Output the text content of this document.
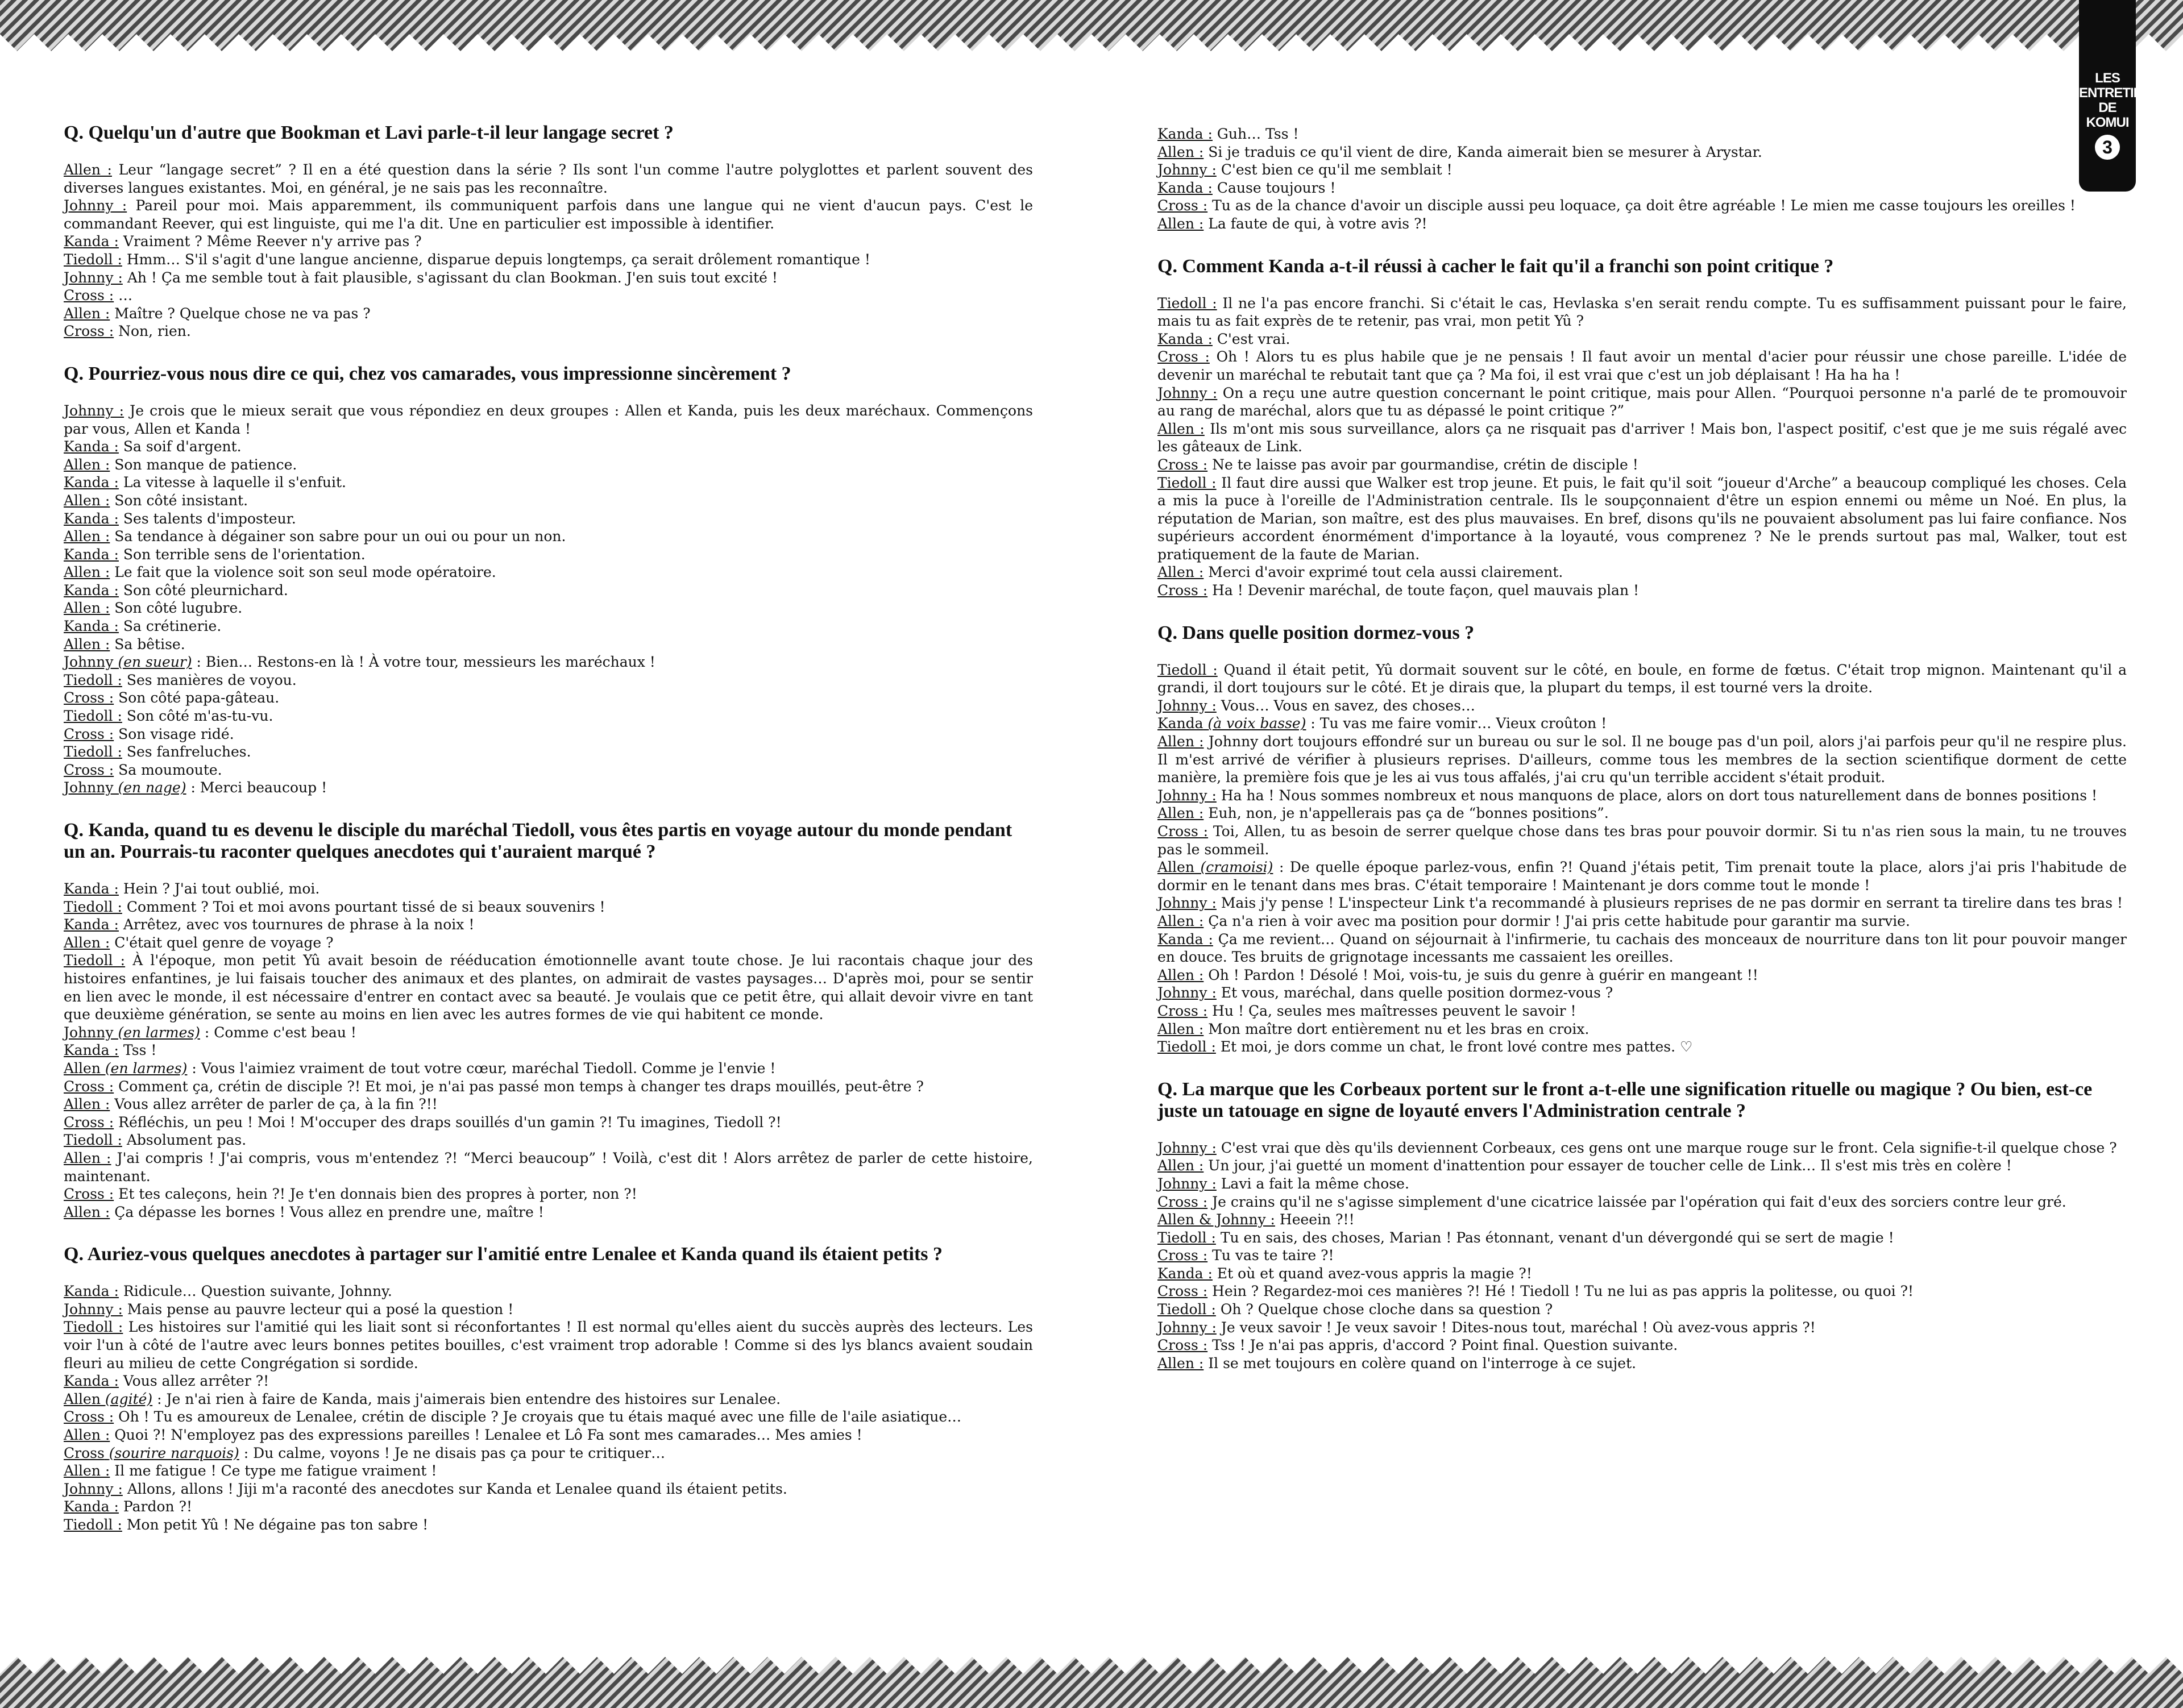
LES
ENTRETIENS
DE
KOMUI
3
Q. Quelqu'un d'autre que Bookman et Lavi parle-t-il leur langage secret ?
Allen : Leur “langage secret” ? Il en a été question dans la série ? Ils sont l'un comme l'autre polyglottes et parlent souvent des diverses langues existantes. Moi, en général, je ne sais pas les reconnaître.
Johnny : Pareil pour moi. Mais apparemment, ils communiquent parfois dans une langue qui ne vient d'aucun pays. C'est le commandant Reever, qui est linguiste, qui me l'a dit. Une en particulier est impossible à identifier.
Kanda : Vraiment ? Même Reever n'y arrive pas ?
Tiedoll : Hmm… S'il s'agit d'une langue ancienne, disparue depuis longtemps, ça serait drôlement romantique !
Johnny : Ah ! Ça me semble tout à fait plausible, s'agissant du clan Bookman. J'en suis tout excité !
Cross : …
Allen : Maître ? Quelque chose ne va pas ?
Cross : Non, rien.
Q. Pourriez-vous nous dire ce qui, chez vos camarades, vous impressionne sincèrement ?
Johnny : Je crois que le mieux serait que vous répondiez en deux groupes : Allen et Kanda, puis les deux maréchaux. Commençons par vous, Allen et Kanda !
Kanda : Sa soif d'argent.
Allen : Son manque de patience.
Kanda : La vitesse à laquelle il s'enfuit.
Allen : Son côté insistant.
Kanda : Ses talents d'imposteur.
Allen : Sa tendance à dégainer son sabre pour un oui ou pour un non.
Kanda : Son terrible sens de l'orientation.
Allen : Le fait que la violence soit son seul mode opératoire.
Kanda : Son côté pleurnichard.
Allen : Son côté lugubre.
Kanda : Sa crétinerie.
Allen : Sa bêtise.
Johnny (en sueur) : Bien… Restons-en là ! À votre tour, messieurs les maréchaux !
Tiedoll : Ses manières de voyou.
Cross : Son côté papa-gâteau.
Tiedoll : Son côté m'as-tu-vu.
Cross : Son visage ridé.
Tiedoll : Ses fanfreluches.
Cross : Sa moumoute.
Johnny (en nage) : Merci beaucoup !
Q. Kanda, quand tu es devenu le disciple du maréchal Tiedoll, vous êtes partis en voyage autour du monde pendant un an. Pourrais-tu raconter quelques anecdotes qui t'auraient marqué ?
Kanda : Hein ? J'ai tout oublié, moi.
Tiedoll : Comment ? Toi et moi avons pourtant tissé de si beaux souvenirs !
Kanda : Arrêtez, avec vos tournures de phrase à la noix !
Allen : C'était quel genre de voyage ?
Tiedoll : À l'époque, mon petit Yû avait besoin de rééducation émotionnelle avant toute chose. Je lui racontais chaque jour des histoires enfantines, je lui faisais toucher des animaux et des plantes, on admirait de vastes paysages… D'après moi, pour se sentir en lien avec le monde, il est nécessaire d'entrer en contact avec sa beauté. Je voulais que ce petit être, qui allait devoir vivre en tant que deuxième génération, se sente au moins en lien avec les autres formes de vie qui habitent ce monde.
Johnny (en larmes) : Comme c'est beau !
Kanda : Tss !
Allen (en larmes) : Vous l'aimiez vraiment de tout votre cœur, maréchal Tiedoll. Comme je l'envie !
Cross : Comment ça, crétin de disciple ?! Et moi, je n'ai pas passé mon temps à changer tes draps mouillés, peut-être ?
Allen : Vous allez arrêter de parler de ça, à la fin ?!!
Cross : Réfléchis, un peu ! Moi ! M'occuper des draps souillés d'un gamin ?! Tu imagines, Tiedoll ?!
Tiedoll : Absolument pas.
Allen : J'ai compris ! J'ai compris, vous m'entendez ?! “Merci beaucoup” ! Voilà, c'est dit ! Alors arrêtez de parler de cette histoire, maintenant.
Cross : Et tes caleçons, hein ?! Je t'en donnais bien des propres à porter, non ?!
Allen : Ça dépasse les bornes ! Vous allez en prendre une, maître !
Q. Auriez-vous quelques anecdotes à partager sur l'amitié entre Lenalee et Kanda quand ils étaient petits ?
Kanda : Ridicule… Question suivante, Johnny.
Johnny : Mais pense au pauvre lecteur qui a posé la question !
Tiedoll : Les histoires sur l'amitié qui les liait sont si réconfortantes ! Il est normal qu'elles aient du succès auprès des lecteurs. Les voir l'un à côté de l'autre avec leurs bonnes petites bouilles, c'est vraiment trop adorable ! Comme si des lys blancs avaient soudain fleuri au milieu de cette Congrégation si sordide.
Kanda : Vous allez arrêter ?!
Allen (agité) : Je n'ai rien à faire de Kanda, mais j'aimerais bien entendre des histoires sur Lenalee.
Cross : Oh ! Tu es amoureux de Lenalee, crétin de disciple ? Je croyais que tu étais maqué avec une fille de l'aile asiatique…
Allen : Quoi ?! N'employez pas des expressions pareilles ! Lenalee et Lô Fa sont mes camarades… Mes amies !
Cross (sourire narquois) : Du calme, voyons ! Je ne disais pas ça pour te critiquer…
Allen : Il me fatigue ! Ce type me fatigue vraiment !
Johnny : Allons, allons ! Jiji m'a raconté des anecdotes sur Kanda et Lenalee quand ils étaient petits.
Kanda : Pardon ?!
Tiedoll : Mon petit Yû ! Ne dégaine pas ton sabre !
Kanda : Guh… Tss !
Allen : Si je traduis ce qu'il vient de dire, Kanda aimerait bien se mesurer à Arystar.
Johnny : C'est bien ce qu'il me semblait !
Kanda : Cause toujours !
Cross : Tu as de la chance d'avoir un disciple aussi peu loquace, ça doit être agréable ! Le mien me casse toujours les oreilles !
Allen : La faute de qui, à votre avis ?!
Q. Comment Kanda a-t-il réussi à cacher le fait qu'il a franchi son point critique ?
Tiedoll : Il ne l'a pas encore franchi. Si c'était le cas, Hevlaska s'en serait rendu compte. Tu es suffisamment puissant pour le faire, mais tu as fait exprès de te retenir, pas vrai, mon petit Yû ?
Kanda : C'est vrai.
Cross : Oh ! Alors tu es plus habile que je ne pensais ! Il faut avoir un mental d'acier pour réussir une chose pareille. L'idée de devenir un maréchal te rebutait tant que ça ? Ma foi, il est vrai que c'est un job déplaisant ! Ha ha ha !
Johnny : On a reçu une autre question concernant le point critique, mais pour Allen. “Pourquoi personne n'a parlé de te promouvoir au rang de maréchal, alors que tu as dépassé le point critique ?”
Allen : Ils m'ont mis sous surveillance, alors ça ne risquait pas d'arriver ! Mais bon, l'aspect positif, c'est que je me suis régalé avec les gâteaux de Link.
Cross : Ne te laisse pas avoir par gourmandise, crétin de disciple !
Tiedoll : Il faut dire aussi que Walker est trop jeune. Et puis, le fait qu'il soit “joueur d'Arche” a beaucoup compliqué les choses. Cela a mis la puce à l'oreille de l'Administration centrale. Ils le soupçonnaient d'être un espion ennemi ou même un Noé. En plus, la réputation de Marian, son maître, est des plus mauvaises. En bref, disons qu'ils ne pouvaient absolument pas lui faire confiance. Nos supérieurs accordent énormément d'importance à la loyauté, vous comprenez ? Ne le prends surtout pas mal, Walker, tout est pratiquement de la faute de Marian.
Allen : Merci d'avoir exprimé tout cela aussi clairement.
Cross : Ha ! Devenir maréchal, de toute façon, quel mauvais plan !
Q. Dans quelle position dormez-vous ?
Tiedoll : Quand il était petit, Yû dormait souvent sur le côté, en boule, en forme de fœtus. C'était trop mignon. Maintenant qu'il a grandi, il dort toujours sur le côté. Et je dirais que, la plupart du temps, il est tourné vers la droite.
Johnny : Vous… Vous en savez, des choses…
Kanda (à voix basse) : Tu vas me faire vomir… Vieux croûton !
Allen : Johnny dort toujours effondré sur un bureau ou sur le sol. Il ne bouge pas d'un poil, alors j'ai parfois peur qu'il ne respire plus. Il m'est arrivé de vérifier à plusieurs reprises. D'ailleurs, comme tous les membres de la section scientifique dorment de cette manière, la première fois que je les ai vus tous affalés, j'ai cru qu'un terrible accident s'était produit.
Johnny : Ha ha ! Nous sommes nombreux et nous manquons de place, alors on dort tous naturellement dans de bonnes positions !
Allen : Euh, non, je n'appellerais pas ça de “bonnes positions”.
Cross : Toi, Allen, tu as besoin de serrer quelque chose dans tes bras pour pouvoir dormir. Si tu n'as rien sous la main, tu ne trouves pas le sommeil.
Allen (cramoisi) : De quelle époque parlez-vous, enfin ?! Quand j'étais petit, Tim prenait toute la place, alors j'ai pris l'habitude de dormir en le tenant dans mes bras. C'était temporaire ! Maintenant je dors comme tout le monde !
Johnny : Mais j'y pense ! L'inspecteur Link t'a recommandé à plusieurs reprises de ne pas dormir en serrant ta tirelire dans tes bras !
Allen : Ça n'a rien à voir avec ma position pour dormir ! J'ai pris cette habitude pour garantir ma survie.
Kanda : Ça me revient… Quand on séjournait à l'infirmerie, tu cachais des monceaux de nourriture dans ton lit pour pouvoir manger en douce. Tes bruits de grignotage incessants me cassaient les oreilles.
Allen : Oh ! Pardon ! Désolé ! Moi, vois-tu, je suis du genre à guérir en mangeant !!
Johnny : Et vous, maréchal, dans quelle position dormez-vous ?
Cross : Hu ! Ça, seules mes maîtresses peuvent le savoir !
Allen : Mon maître dort entièrement nu et les bras en croix.
Tiedoll : Et moi, je dors comme un chat, le front lové contre mes pattes. ♡
Q. La marque que les Corbeaux portent sur le front a-t-elle une signification rituelle ou magique ? Ou bien, est-ce juste un tatouage en signe de loyauté envers l'Administration centrale ?
Johnny : C'est vrai que dès qu'ils deviennent Corbeaux, ces gens ont une marque rouge sur le front. Cela signifie-t-il quelque chose ?
Allen : Un jour, j'ai guetté un moment d'inattention pour essayer de toucher celle de Link… Il s'est mis très en colère !
Johnny : Lavi a fait la même chose.
Cross : Je crains qu'il ne s'agisse simplement d'une cicatrice laissée par l'opération qui fait d'eux des sorciers contre leur gré.
Allen & Johnny : Heeein ?!!
Tiedoll : Tu en sais, des choses, Marian ! Pas étonnant, venant d'un dévergondé qui se sert de magie !
Cross : Tu vas te taire ?!
Kanda : Et où et quand avez-vous appris la magie ?!
Cross : Hein ? Regardez-moi ces manières ?! Hé ! Tiedoll ! Tu ne lui as pas appris la politesse, ou quoi ?!
Tiedoll : Oh ? Quelque chose cloche dans sa question ?
Johnny : Je veux savoir ! Je veux savoir ! Dites-nous tout, maréchal ! Où avez-vous appris ?!
Cross : Tss ! Je n'ai pas appris, d'accord ? Point final. Question suivante.
Allen : Il se met toujours en colère quand on l'interroge à ce sujet.
